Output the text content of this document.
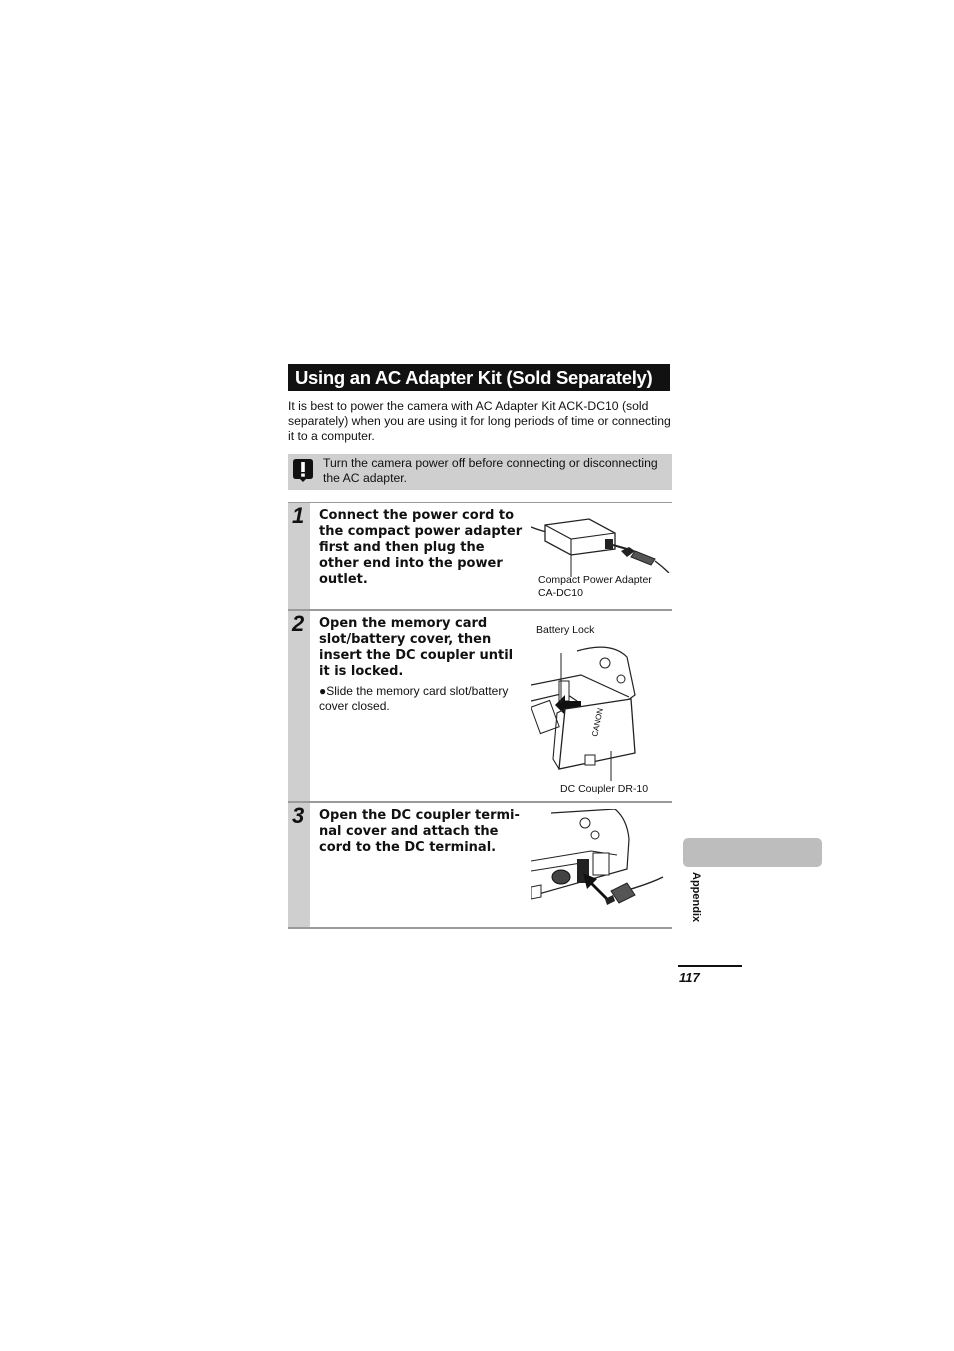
Using an AC Adapter Kit (Sold Separately)
It is best to power the camera with AC Adapter Kit ACK-DC10 (sold separately) when you are using it for long periods of time or connecting it to a computer.
Turn the camera power off before connecting or disconnecting the AC adapter.
1 Connect the power cord to the compact power adapter first and then plug the other end into the power outlet.	Compact Power Adapter
CA-DC10
2 Open the memory card slot/battery cover, then insert the DC coupler until it is locked.
●Slide the memory card slot/battery cover closed.
Battery Lock
CANON
DC Coupler DR-10
3 Open the DC coupler termi- nal cover and attach the cord to the DC terminal.
Appendix
117
